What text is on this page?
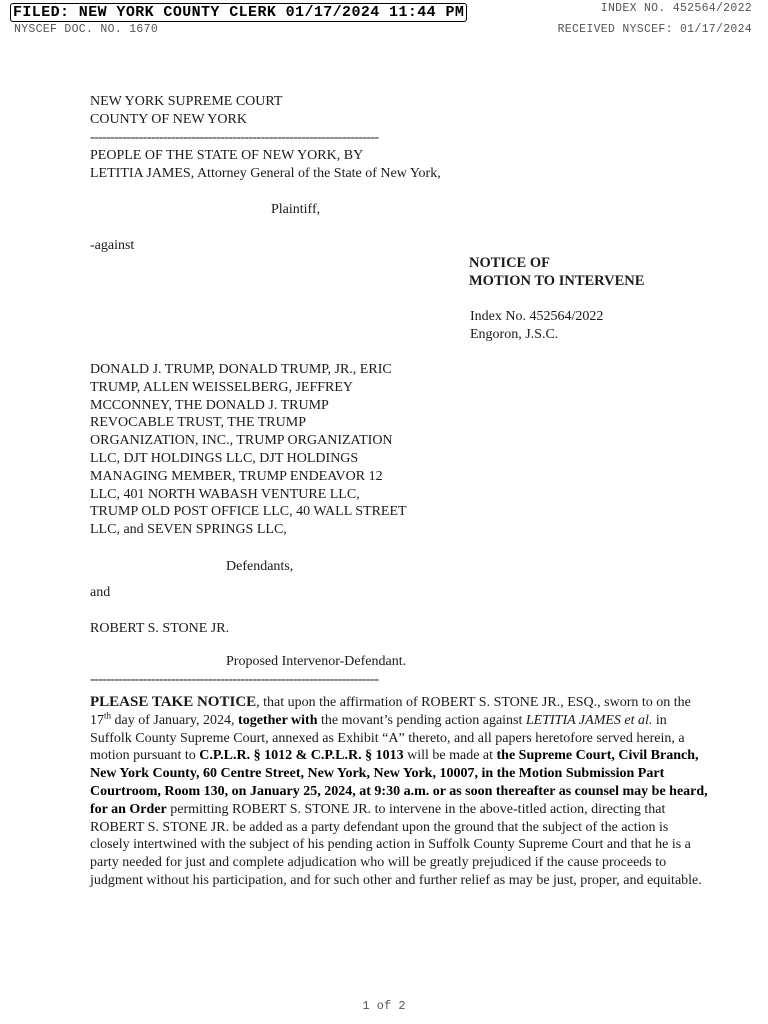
FILED: NEW YORK COUNTY CLERK 01/17/2024 11:44 PM
NYSCEF DOC. NO. 1670
INDEX NO. 452564/2022
RECEIVED NYSCEF: 01/17/2024
NEW YORK SUPREME COURT
COUNTY OF NEW YORK
-----------------------------------------------------------------------
PEOPLE OF THE STATE OF NEW YORK, BY
LETITIA JAMES, Attorney General of the State of New York,
Plaintiff,
-against
NOTICE OF
MOTION TO INTERVENE
Index No. 452564/2022
Engoron, J.S.C.
DONALD J. TRUMP, DONALD TRUMP, JR., ERIC
TRUMP, ALLEN WEISSELBERG, JEFFREY
MCCONNEY, THE DONALD J. TRUMP
REVOCABLE TRUST, THE TRUMP
ORGANIZATION, INC., TRUMP ORGANIZATION
LLC, DJT HOLDINGS LLC, DJT HOLDINGS
MANAGING MEMBER, TRUMP ENDEAVOR 12
LLC, 401 NORTH WABASH VENTURE LLC,
TRUMP OLD POST OFFICE LLC, 40 WALL STREET
LLC, and SEVEN SPRINGS LLC,
Defendants,
and
ROBERT S. STONE JR.
Proposed Intervenor-Defendant.
-----------------------------------------------------------------------

PLEASE TAKE NOTICE, that upon the affirmation of ROBERT S. STONE JR., ESQ., sworn to on the 17th day of January, 2024, together with the movant’s pending action against LETITIA JAMES et al. in Suffolk County Supreme Court, annexed as Exhibit “A” thereto, and all papers heretofore served herein, a motion pursuant to C.P.L.R. § 1012 & C.P.L.R. § 1013 will be made at the Supreme Court, Civil Branch, New York County, 60 Centre Street, New York, New York, 10007, in the Motion Submission Part Courtroom, Room 130, on January 25, 2024, at 9:30 a.m. or as soon thereafter as counsel may be heard, for an Order permitting ROBERT S. STONE JR. to intervene in the above-titled action, directing that ROBERT S. STONE JR. be added as a party defendant upon the ground that the subject of the action is closely intertwined with the subject of his pending action in Suffolk County Supreme Court and that he is a party needed for just and complete adjudication who will be greatly prejudiced if the cause proceeds to judgment without his participation, and for such other and further relief as may be just, proper, and equitable.

1 of 2
